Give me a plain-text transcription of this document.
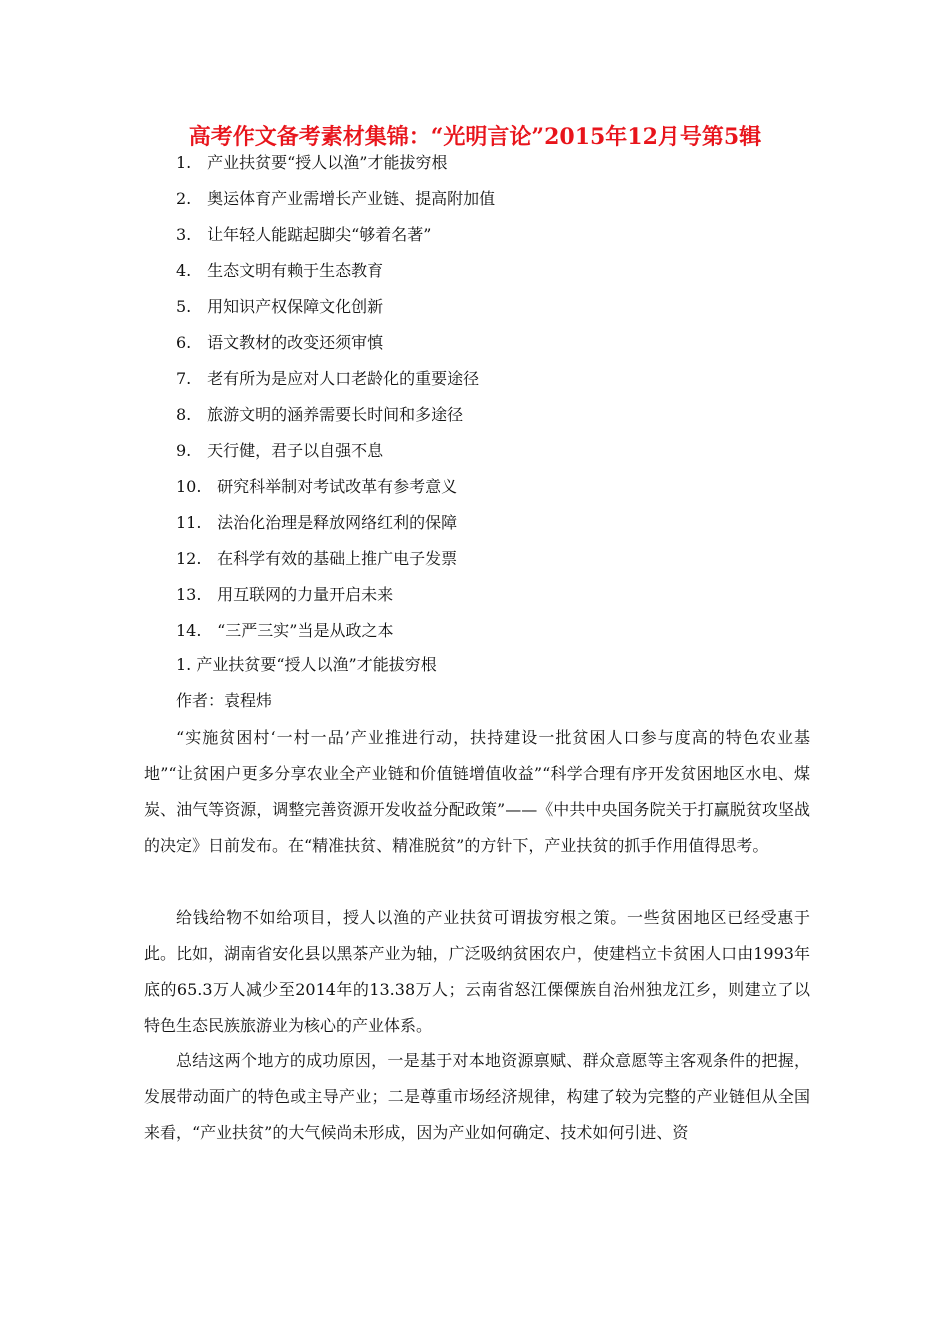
高考作文备考素材集锦：“光明言论”2015年12月号第5辑
1. 产业扶贫要“授人以渔”才能拔穷根
2. 奥运体育产业需增长产业链、提高附加值
3. 让年轻人能踮起脚尖“够着名著”
4. 生态文明有赖于生态教育
5. 用知识产权保障文化创新
6. 语文教材的改变还须审慎
7. 老有所为是应对人口老龄化的重要途径
8. 旅游文明的涵养需要长时间和多途径
9. 天行健，君子以自强不息
10. 研究科举制对考试改革有参考意义
11. 法治化治理是释放网络红利的保障
12. 在科学有效的基础上推广电子发票
13. 用互联网的力量开启未来
14. “三严三实”当是从政之本
1. 产业扶贫要“授人以渔”才能拔穷根
作者：袁程炜

“实施贫困村‘一村一品’产业推进行动，扶持建设一批贫困人口参与度高的特色农业基地”“让贫困户更多分享农业全产业链和价值链增值收益”“科学合理有序开发贫困地区水电、煤炭、油气等资源，调整完善资源开发收益分配政策”——《中共中央国务院关于打赢脱贫攻坚战的决定》日前发布。在“精准扶贫、精准脱贫”的方针下，产业扶贫的抓手作用值得思考。

给钱给物不如给项目，授人以渔的产业扶贫可谓拔穷根之策。一些贫困地区已经受惠于此。比如，湖南省安化县以黑茶产业为轴，广泛吸纳贫困农户，使建档立卡贫困人口由1993年底的65.3万人减少至2014年的13.38万人；云南省怒江傈僳族自治州独龙江乡，则建立了以特色生态民族旅游业为核心的产业体系。

总结这两个地方的成功原因，一是基于对本地资源禀赋、群众意愿等主客观条件的把握，发展带动面广的特色或主导产业；二是尊重市场经济规律，构建了较为完整的产业链但从全国来看，“产业扶贫”的大气候尚未形成，因为产业如何确定、技术如何引进、资
